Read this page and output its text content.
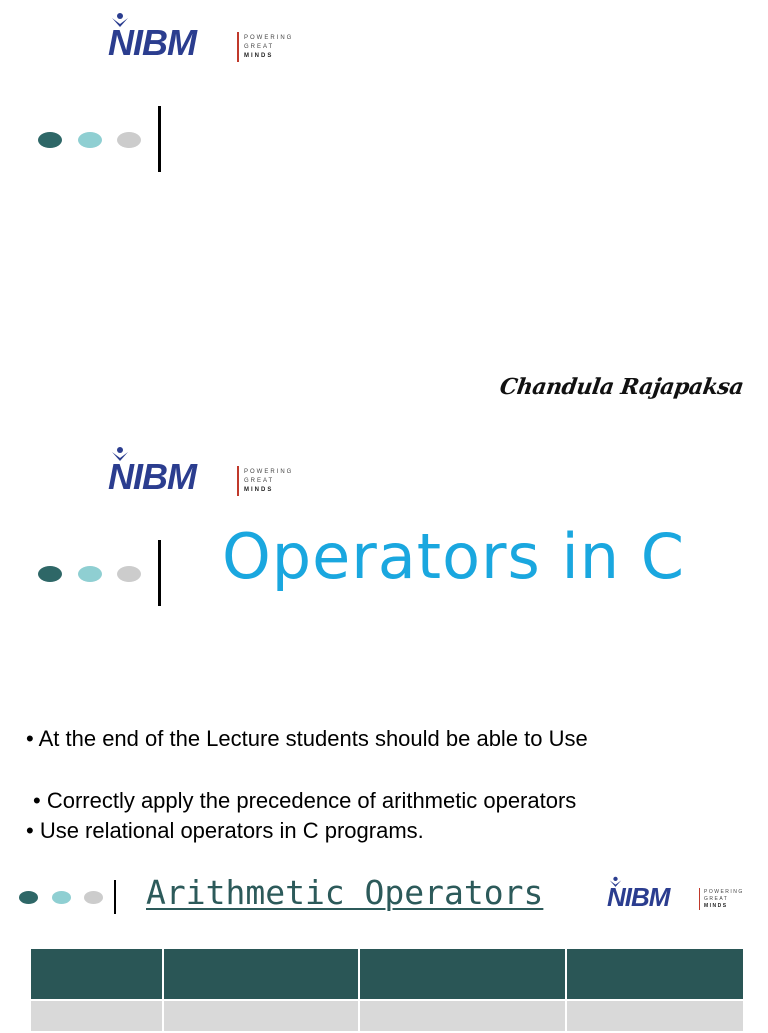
NIBM	POWERING
GREAT
MINDS
Chandula Rajapaksa
NIBM	POWERING
GREAT
MINDS
Operators in C
• At the end of the Lecture students should be able to Use
• Correctly apply the precedence of arithmetic operators
• Use relational operators in C programs.
Arithmetic Operators NIBM	POWERING
GREAT
MINDS
